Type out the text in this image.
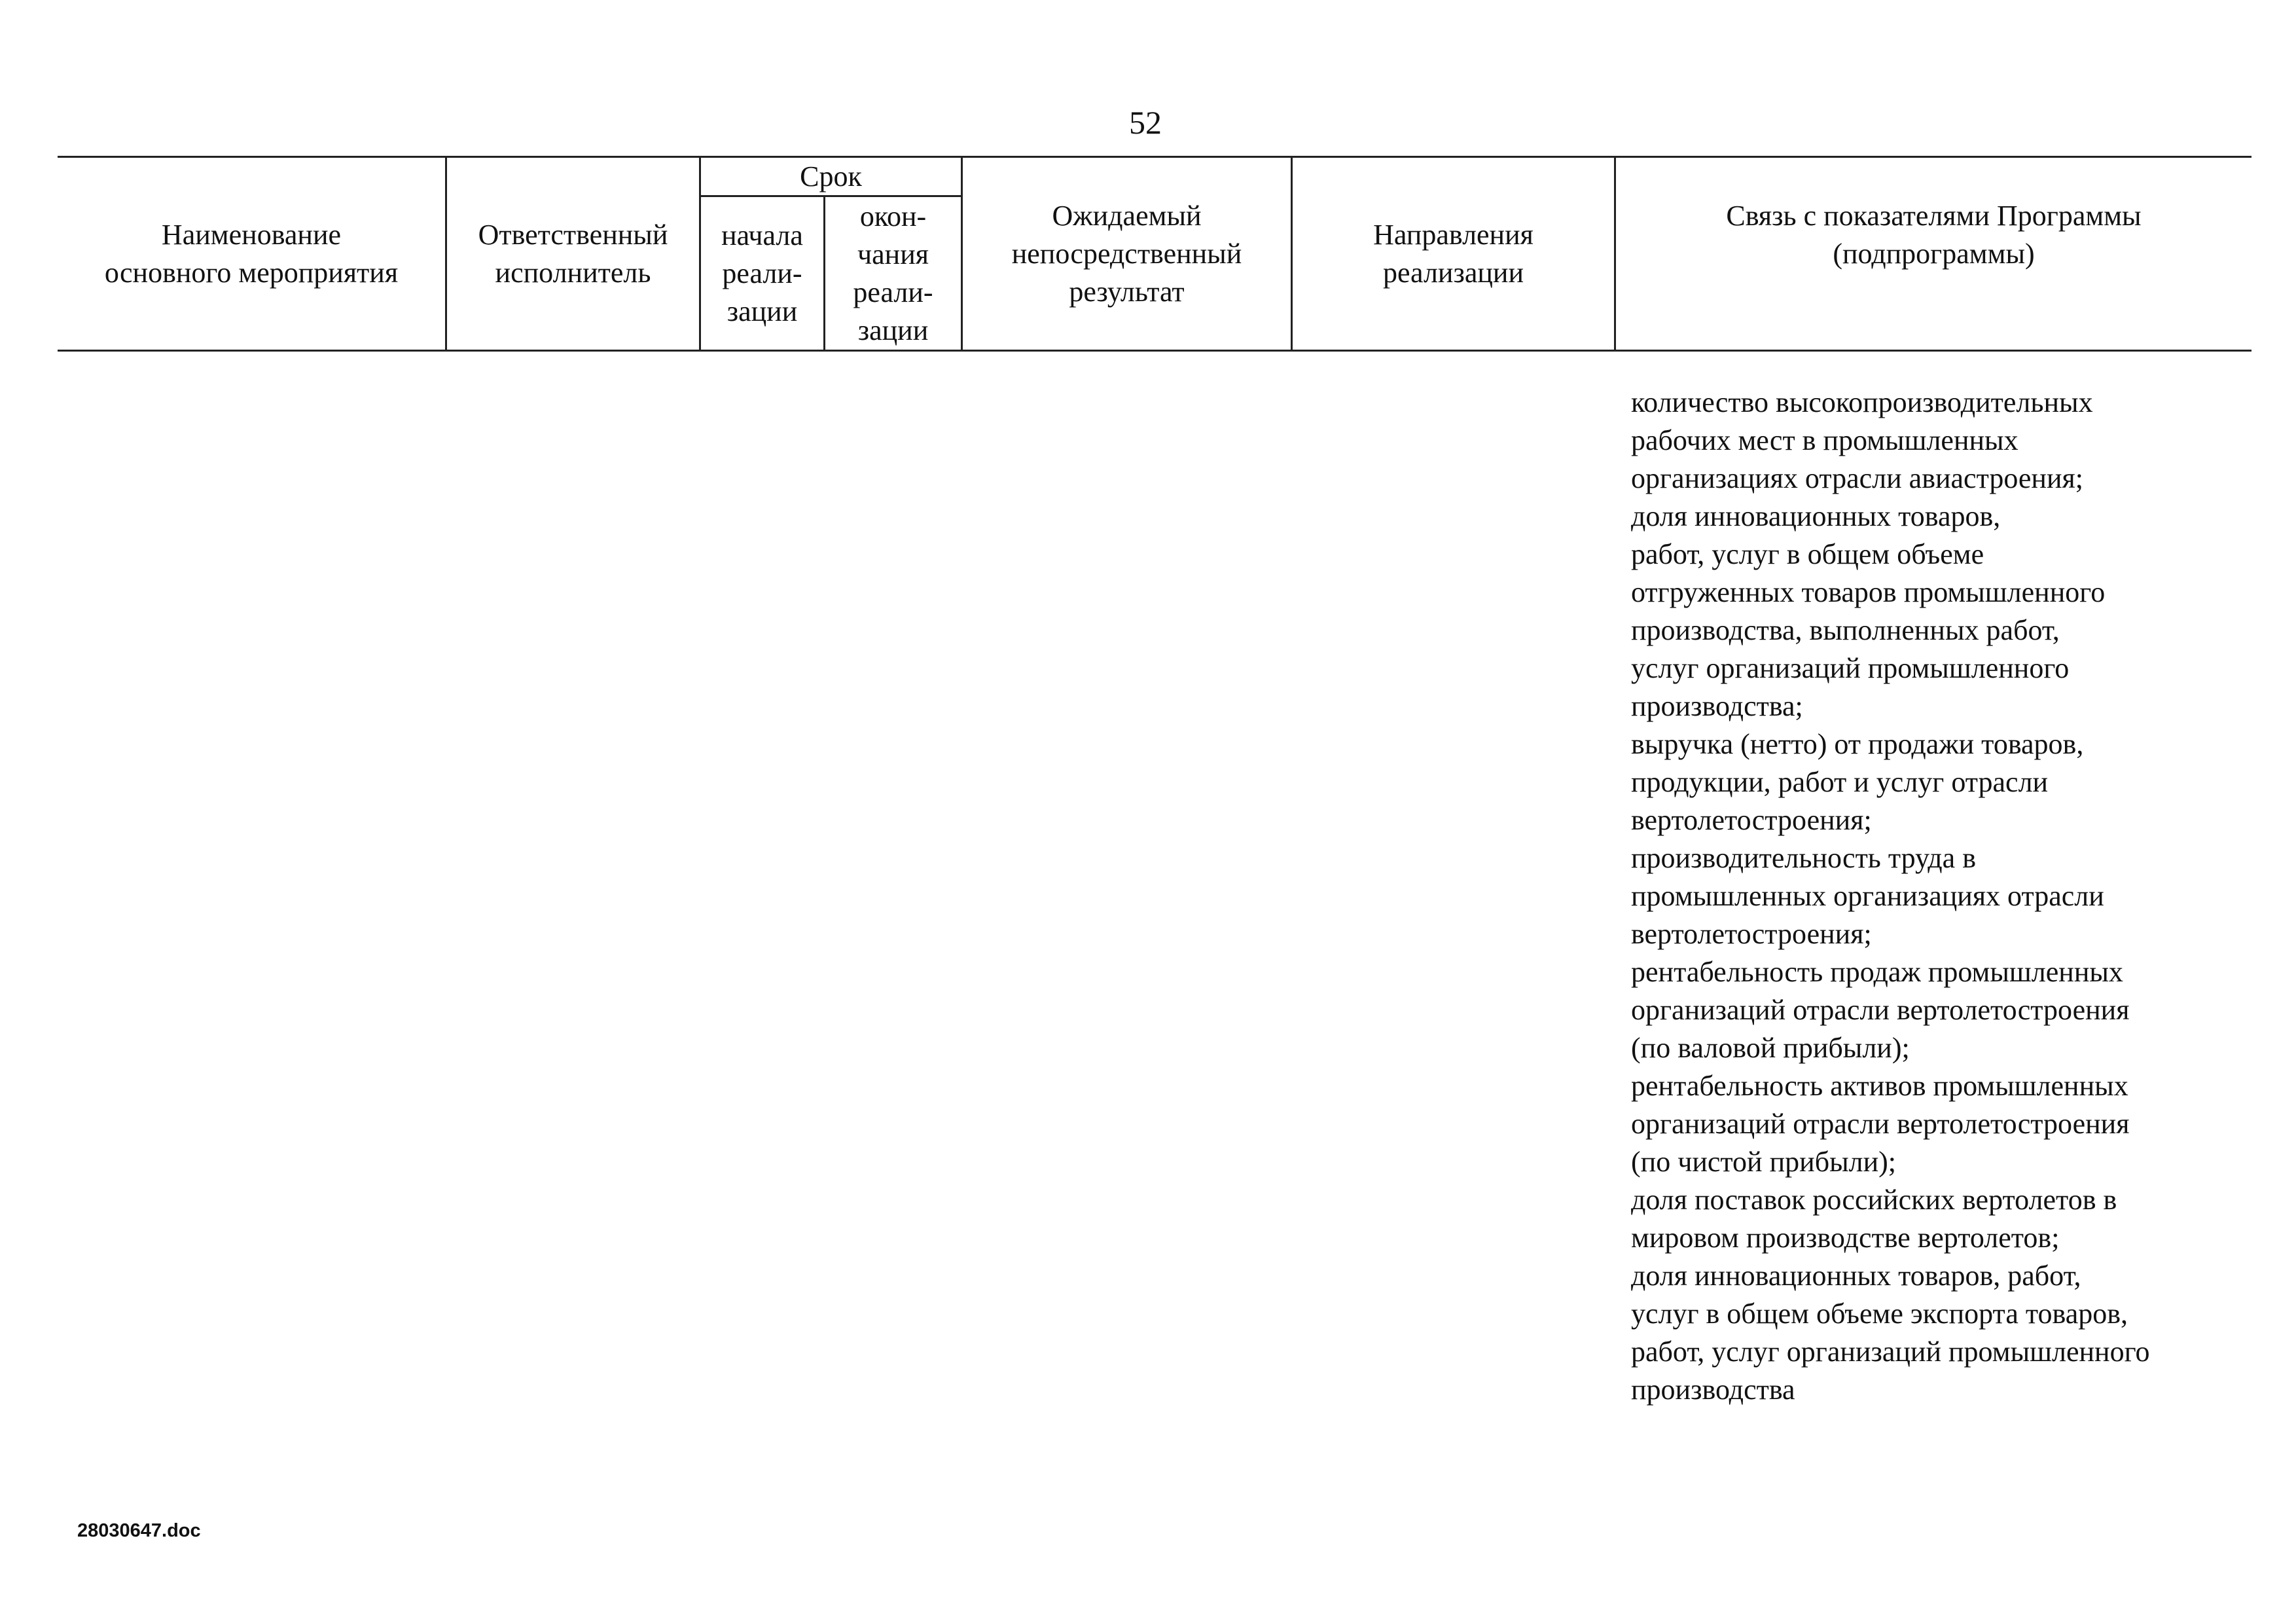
52
Наименование
основного мероприятия
Ответственный
исполнитель
Срок
начала
реали-
зации
окон-
чания
реали-
зации
Ожидаемый
непосредственный
результат
Направления
реализации
Связь с показателями Программы
(подпрограммы)
количество высокопроизводительных
рабочих мест в промышленных
организациях отрасли авиастроения;
доля инновационных товаров,
работ, услуг в общем объеме
отгруженных товаров промышленного
производства, выполненных работ,
услуг организаций промышленного
производства;
выручка (нетто) от продажи товаров,
продукции, работ и услуг отрасли
вертолетостроения;
производительность труда в
промышленных организациях отрасли
вертолетостроения;
рентабельность продаж промышленных
организаций отрасли вертолетостроения
(по валовой прибыли);
рентабельность активов промышленных
организаций отрасли вертолетостроения
(по чистой прибыли);
доля поставок российских вертолетов в
мировом производстве вертолетов;
доля инновационных товаров, работ,
услуг в общем объеме экспорта товаров,
работ, услуг организаций промышленного
производства
28030647.doc
